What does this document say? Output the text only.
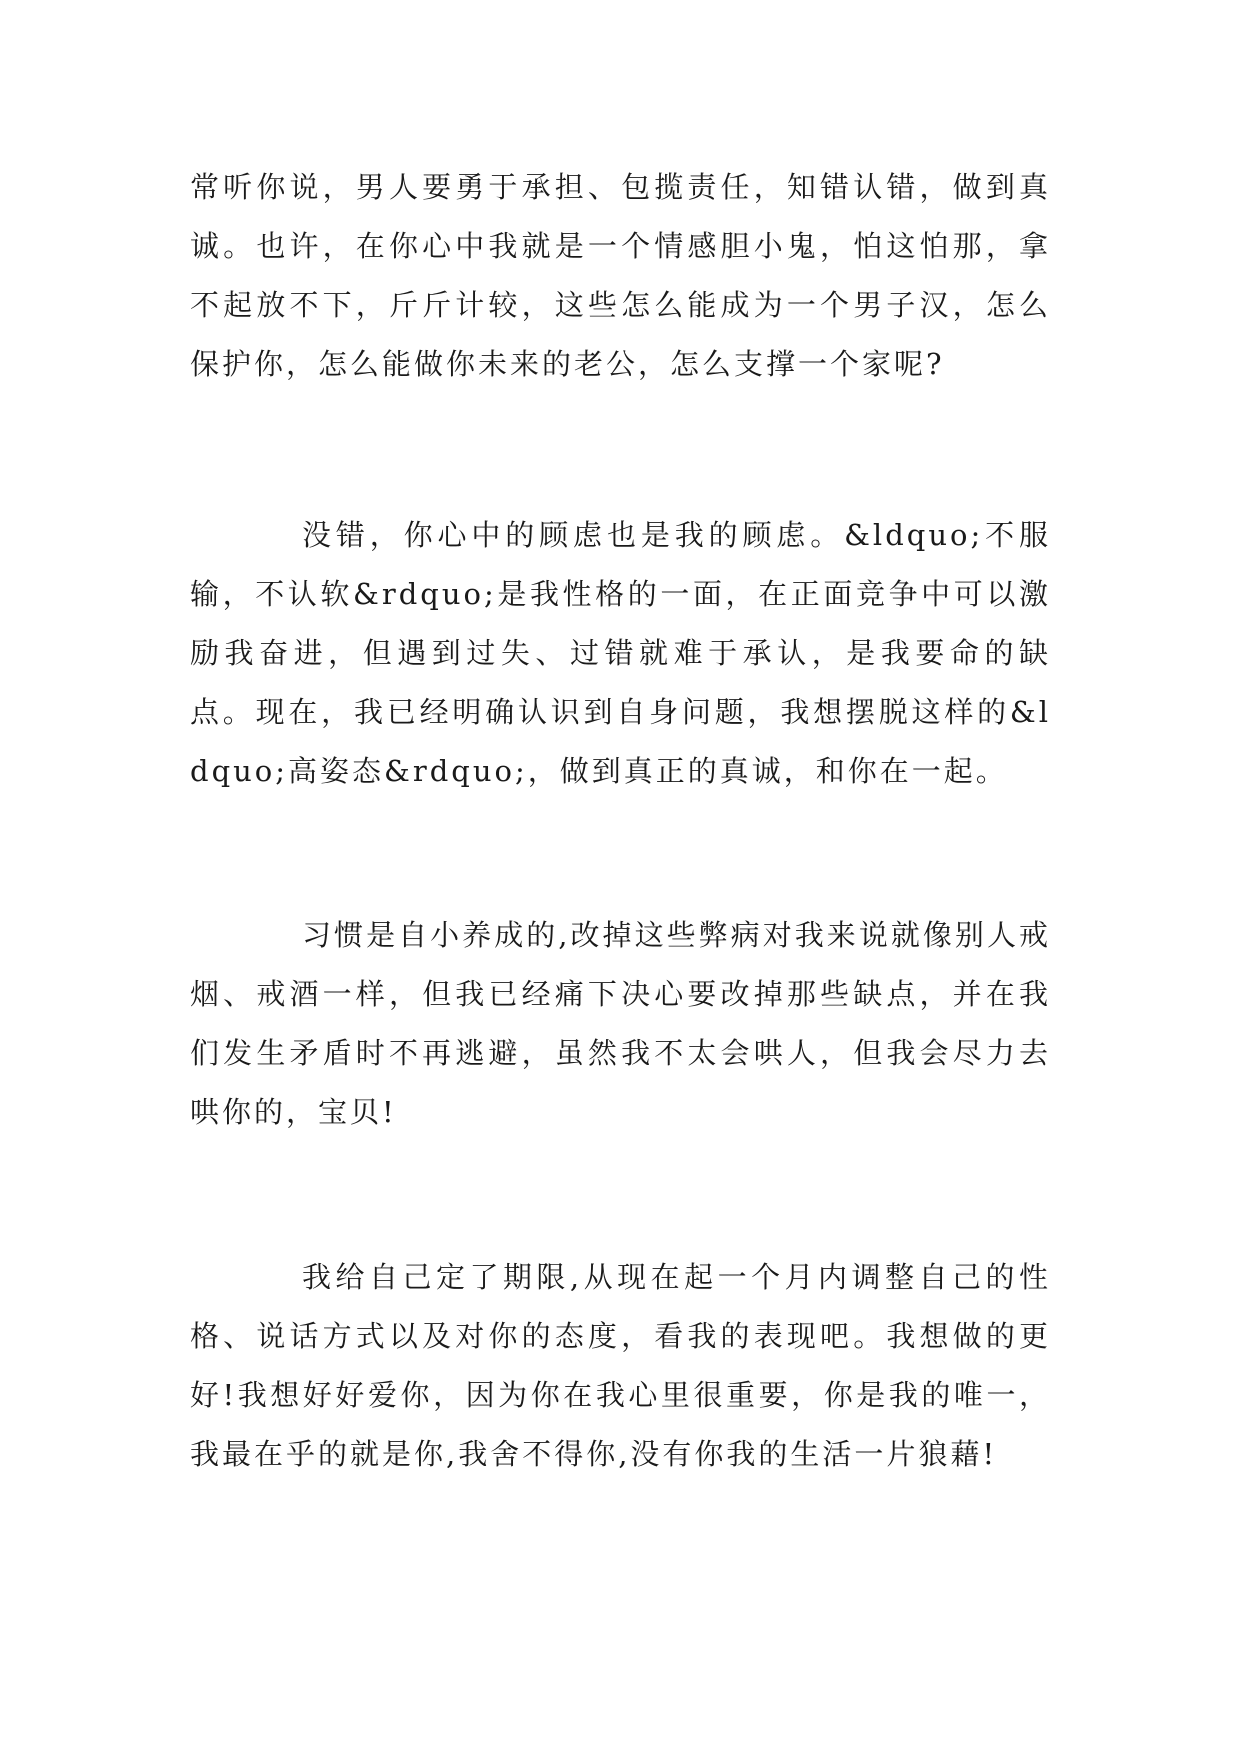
常听你说，男人要勇于承担、包揽责任，知错认错，做到真诚。也许，在你心中我就是一个情感胆小鬼，怕这怕那，拿不起放不下，斤斤计较，这些怎么能成为一个男子汉，怎么保护你，怎么能做你未来的老公，怎么支撑一个家呢?

没错，你心中的顾虑也是我的顾虑。&ldquo;不服输，不认软&rdquo;是我性格的一面，在正面竞争中可以激励我奋进，但遇到过失、过错就难于承认，是我要命的缺点。现在，我已经明确认识到自身问题，我想摆脱这样的&ldquo;高姿态&rdquo;，做到真正的真诚，和你在一起。

习惯是自小养成的,改掉这些弊病对我来说就像别人戒烟、戒酒一样，但我已经痛下决心要改掉那些缺点，并在我们发生矛盾时不再逃避，虽然我不太会哄人，但我会尽力去哄你的，宝贝!

我给自己定了期限,从现在起一个月内调整自己的性格、说话方式以及对你的态度，看我的表现吧。我想做的更好!我想好好爱你，因为你在我心里很重要，你是我的唯一，我最在乎的就是你,我舍不得你,没有你我的生活一片狼藉!
